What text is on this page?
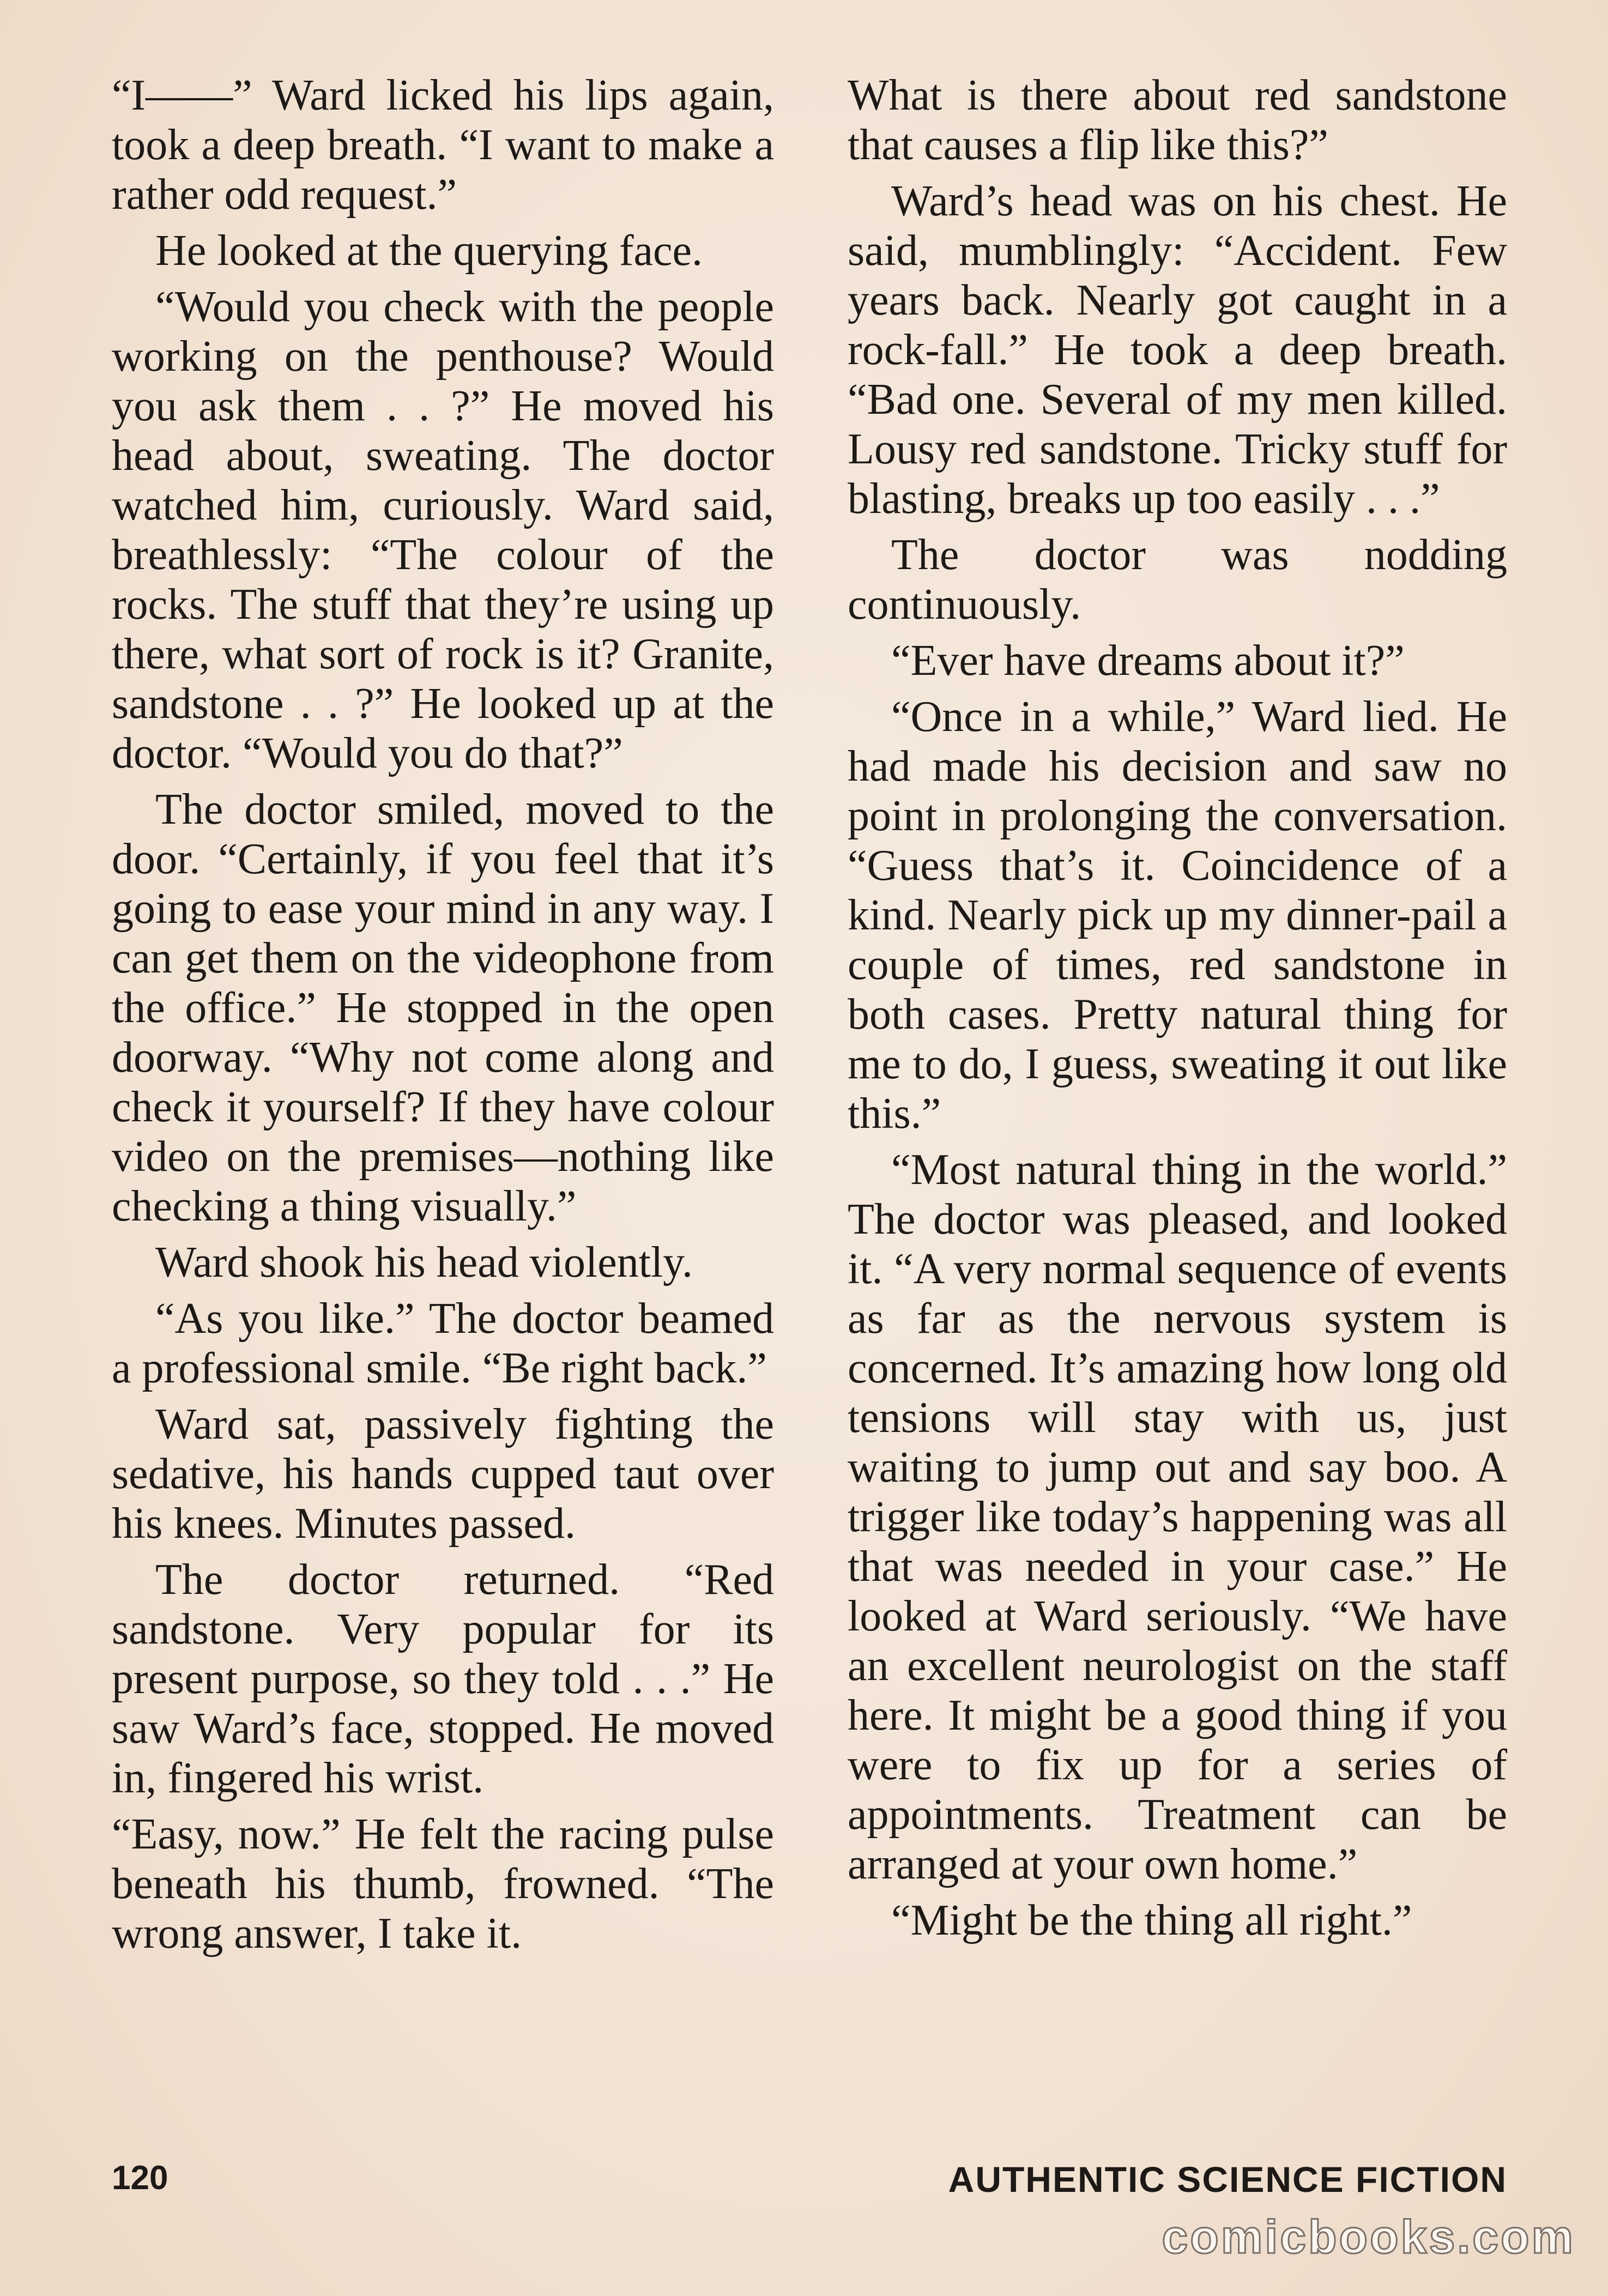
“I——” Ward licked his lips again, took a deep breath. “I want to make a rather odd request.”

He looked at the querying face.

“Would you check with the people working on the penthouse? Would you ask them . . ?” He moved his head about, sweating. The doctor watched him, curiously. Ward said, breathlessly: “The colour of the rocks. The stuff that they’re using up there, what sort of rock is it? Granite, sandstone . . ?” He looked up at the doctor. “Would you do that?”

The doctor smiled, moved to the door. “Certainly, if you feel that it’s going to ease your mind in any way. I can get them on the videophone from the office.” He stopped in the open doorway. “Why not come along and check it yourself? If they have colour video on the premises—nothing like checking a thing visually.”

Ward shook his head violently.

“As you like.” The doctor beamed a professional smile. “Be right back.”

Ward sat, passively fighting the sedative, his hands cupped taut over his knees. Minutes passed.

The doctor returned. “Red sandstone. Very popular for its present purpose, so they told . . .” He saw Ward’s face, stopped. He moved in, fingered his wrist.

“Easy, now.” He felt the racing pulse beneath his thumb, frowned. “The wrong answer, I take it.

What is there about red sandstone that causes a flip like this?”

Ward’s head was on his chest. He said, mumblingly: “Accident. Few years back. Nearly got caught in a rock-fall.” He took a deep breath. “Bad one. Several of my men killed. Lousy red sandstone. Tricky stuff for blasting, breaks up too easily . . .”

The doctor was nodding continuously.

“Ever have dreams about it?”

“Once in a while,” Ward lied. He had made his decision and saw no point in prolonging the conversation. “Guess that’s it. Coincidence of a kind. Nearly pick up my dinner-pail a couple of times, red sandstone in both cases. Pretty natural thing for me to do, I guess, sweating it out like this.”

“Most natural thing in the world.” The doctor was pleased, and looked it. “A very normal sequence of events as far as the nervous system is concerned. It’s amazing how long old tensions will stay with us, just waiting to jump out and say boo. A trigger like today’s happening was all that was needed in your case.” He looked at Ward seriously. “We have an excellent neurologist on the staff here. It might be a good thing if you were to fix up for a series of appointments. Treatment can be arranged at your own home.”

“Might be the thing all right.”

120	AUTHENTIC SCIENCE FICTION
comicbooks.com
